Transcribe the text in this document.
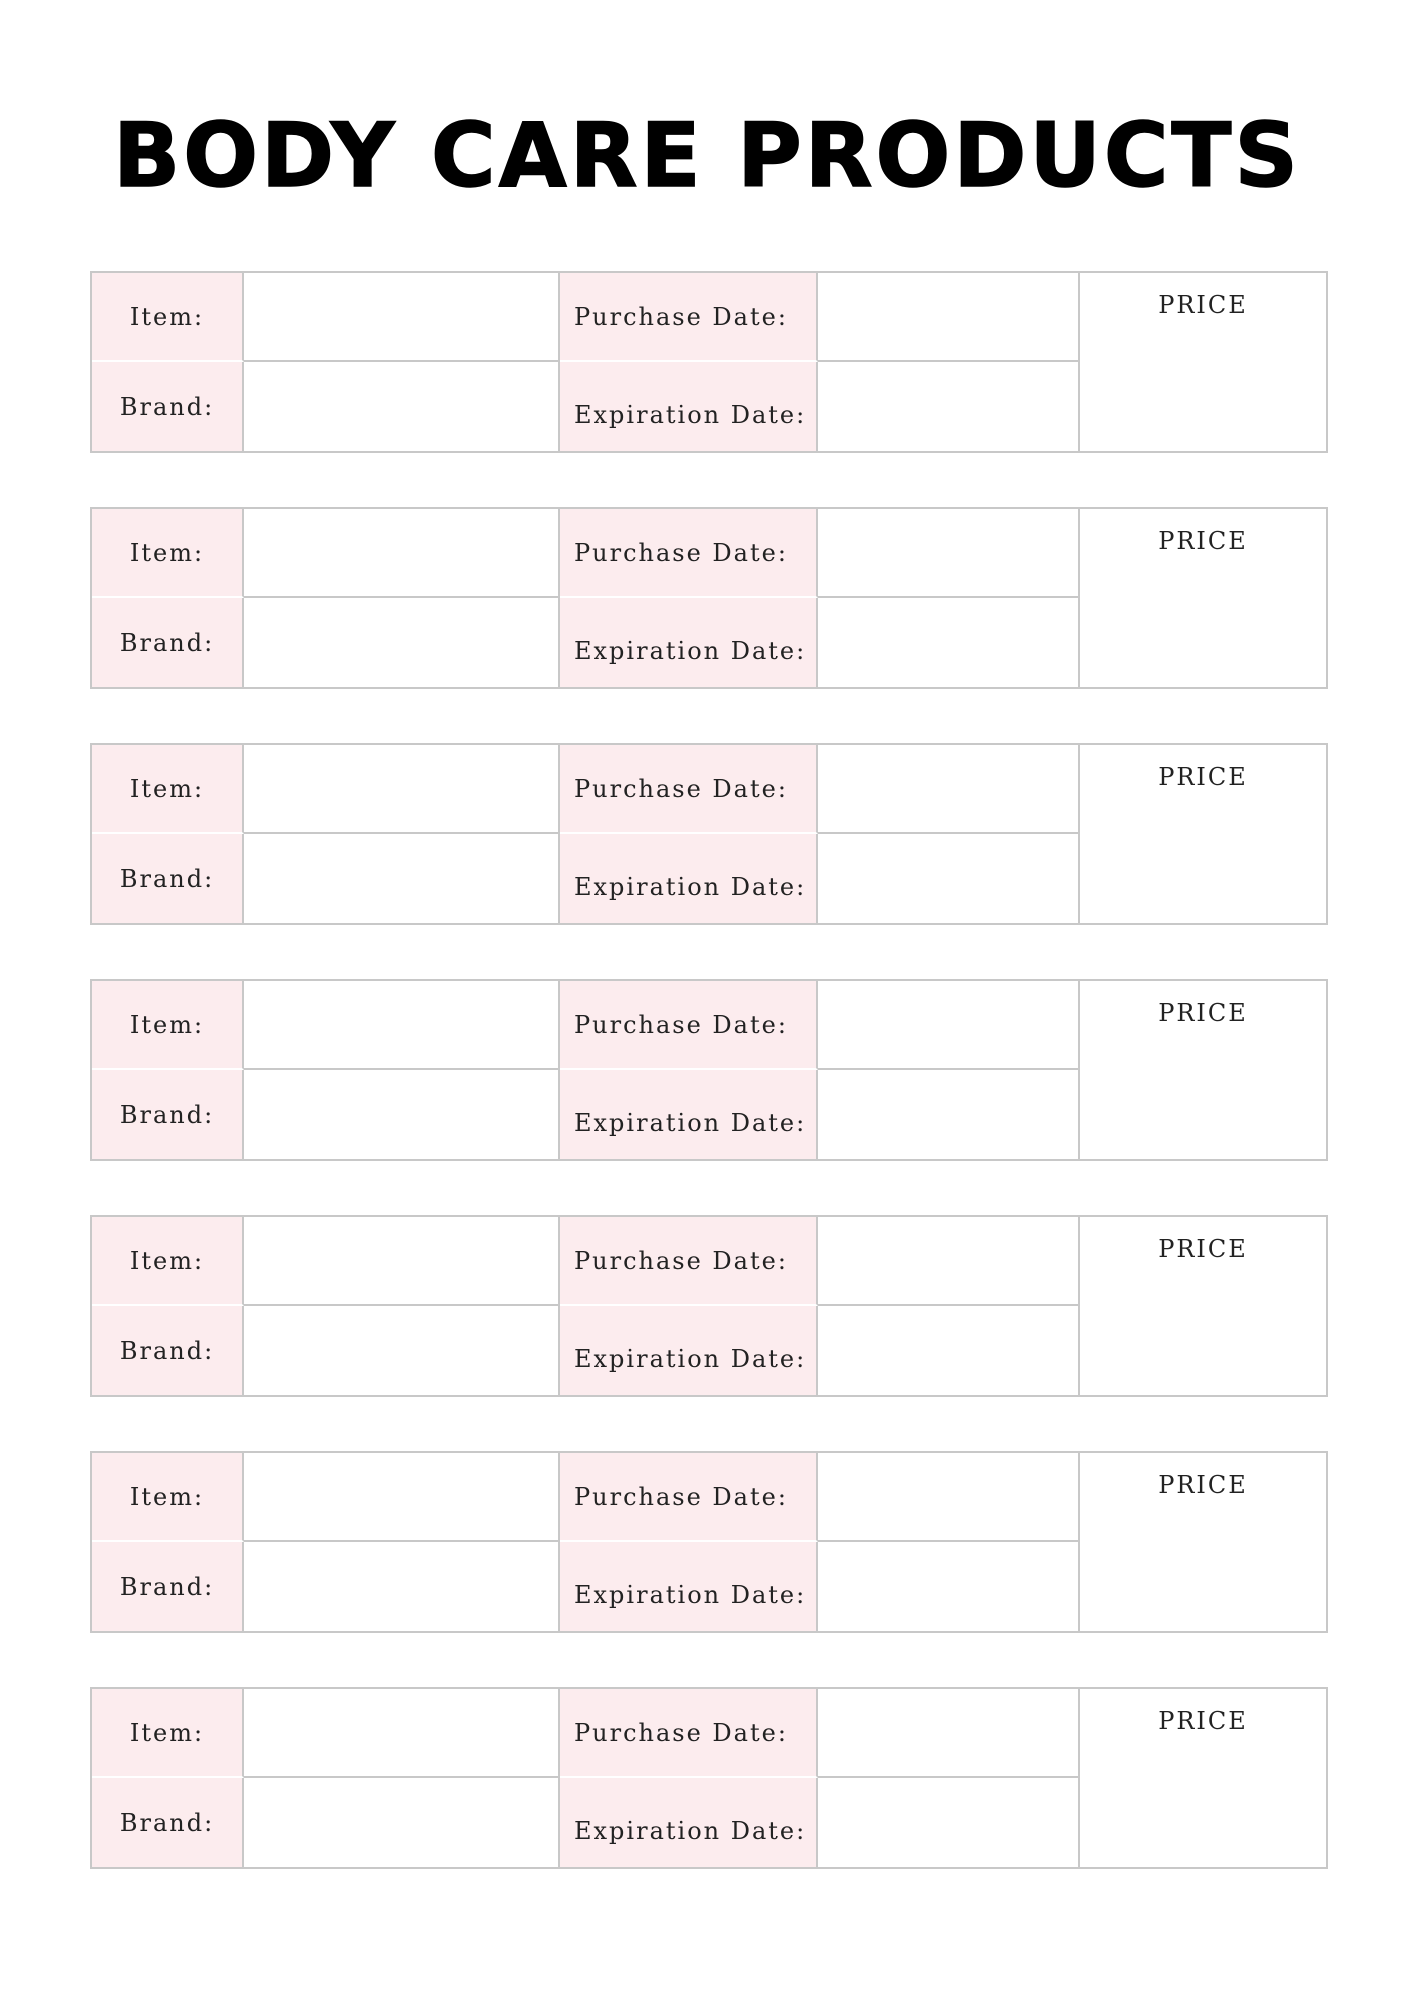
BODY CARE PRODUCTS
Item:	Purchase Date:	PRICE
Brand:	Expiration Date:
Item:	Purchase Date:	PRICE
Brand:	Expiration Date:
Item:	Purchase Date:	PRICE
Brand:	Expiration Date:
Item:	Purchase Date:	PRICE
Brand:	Expiration Date:
Item:	Purchase Date:	PRICE
Brand:	Expiration Date:
Item:	Purchase Date:	PRICE
Brand:	Expiration Date:
Item:	Purchase Date:	PRICE
Brand:	Expiration Date:
